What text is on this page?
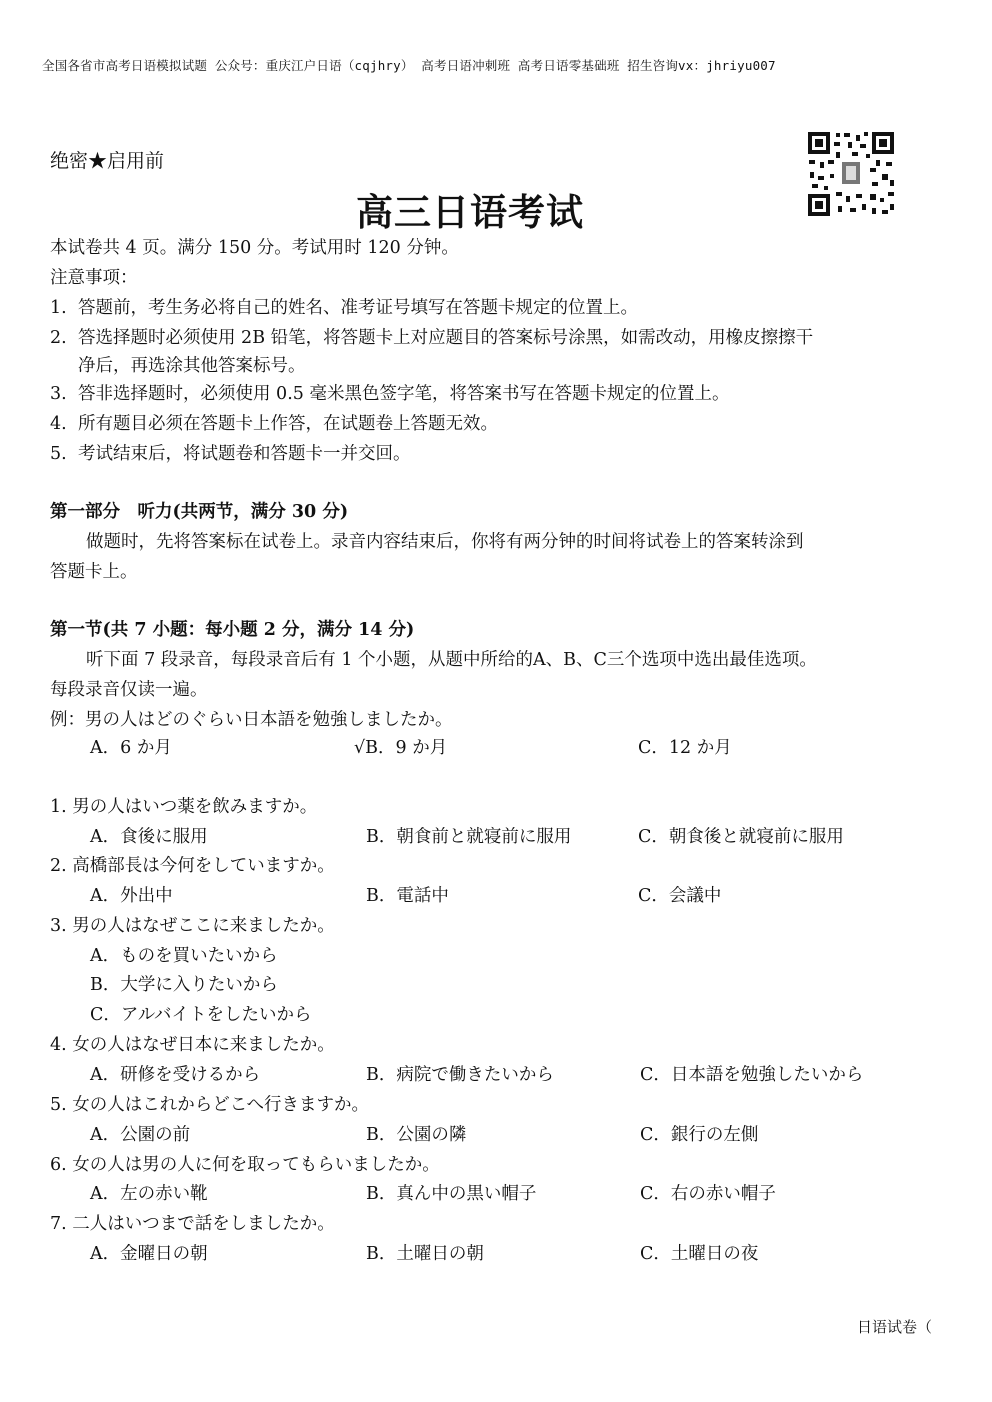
全国各省市高考日语模拟试题 公众号：重庆江户日语（cqjhry） 高考日语冲刺班 高考日语零基础班 招生咨询vx：jhriyu007
绝密★启用前
高三日语考试
本试卷共 4 页。满分 150 分。考试用时 120 分钟。
注意事项：
1. 答题前，考生务必将自己的姓名、准考证号填写在答题卡规定的位置上。
2. 答选择题时必须使用 2B 铅笔，将答题卡上对应题目的答案标号涂黑，如需改动，用橡皮擦擦干
净后，再选涂其他答案标号。
3. 答非选择题时，必须使用 0.5 毫米黑色签字笔，将答案书写在答题卡规定的位置上。
4. 所有题目必须在答题卡上作答，在试题卷上答题无效。
5. 考试结束后，将试题卷和答题卡一并交回。
第一部分　听力(共两节，满分 30 分)
做题时，先将答案标在试卷上。录音内容结束后，你将有两分钟的时间将试卷上的答案转涂到
答题卡上。
第一节(共 7 小题：每小题 2 分，满分 14 分)
听下面 7 段录音，每段录音后有 1 个小题，从题中所给的A、B、C三个选项中选出最佳选项。
每段录音仅读一遍。
例：男の人はどのぐらい日本語を勉強しましたか。
A．6 か月	√B．9 か月	C．12 か月
1. 男の人はいつ薬を飲みますか。
A．食後に服用	B．朝食前と就寝前に服用	C．朝食後と就寝前に服用
2. 高橋部長は今何をしていますか。
A．外出中	B．電話中	C．会議中
3. 男の人はなぜここに来ましたか。
A．ものを買いたいから
B．大学に入りたいから
C．アルバイトをしたいから
4. 女の人はなぜ日本に来ましたか。
A．研修を受けるから	B．病院で働きたいから	C．日本語を勉強したいから
5. 女の人はこれからどこへ行きますか。
A．公園の前	B．公園の隣	C．銀行の左側
6. 女の人は男の人に何を取ってもらいましたか。
A．左の赤い靴	B．真ん中の黒い帽子	C．右の赤い帽子
7. 二人はいつまで話をしましたか。
A．金曜日の朝	B．土曜日の朝	C．土曜日の夜
日语试卷（
